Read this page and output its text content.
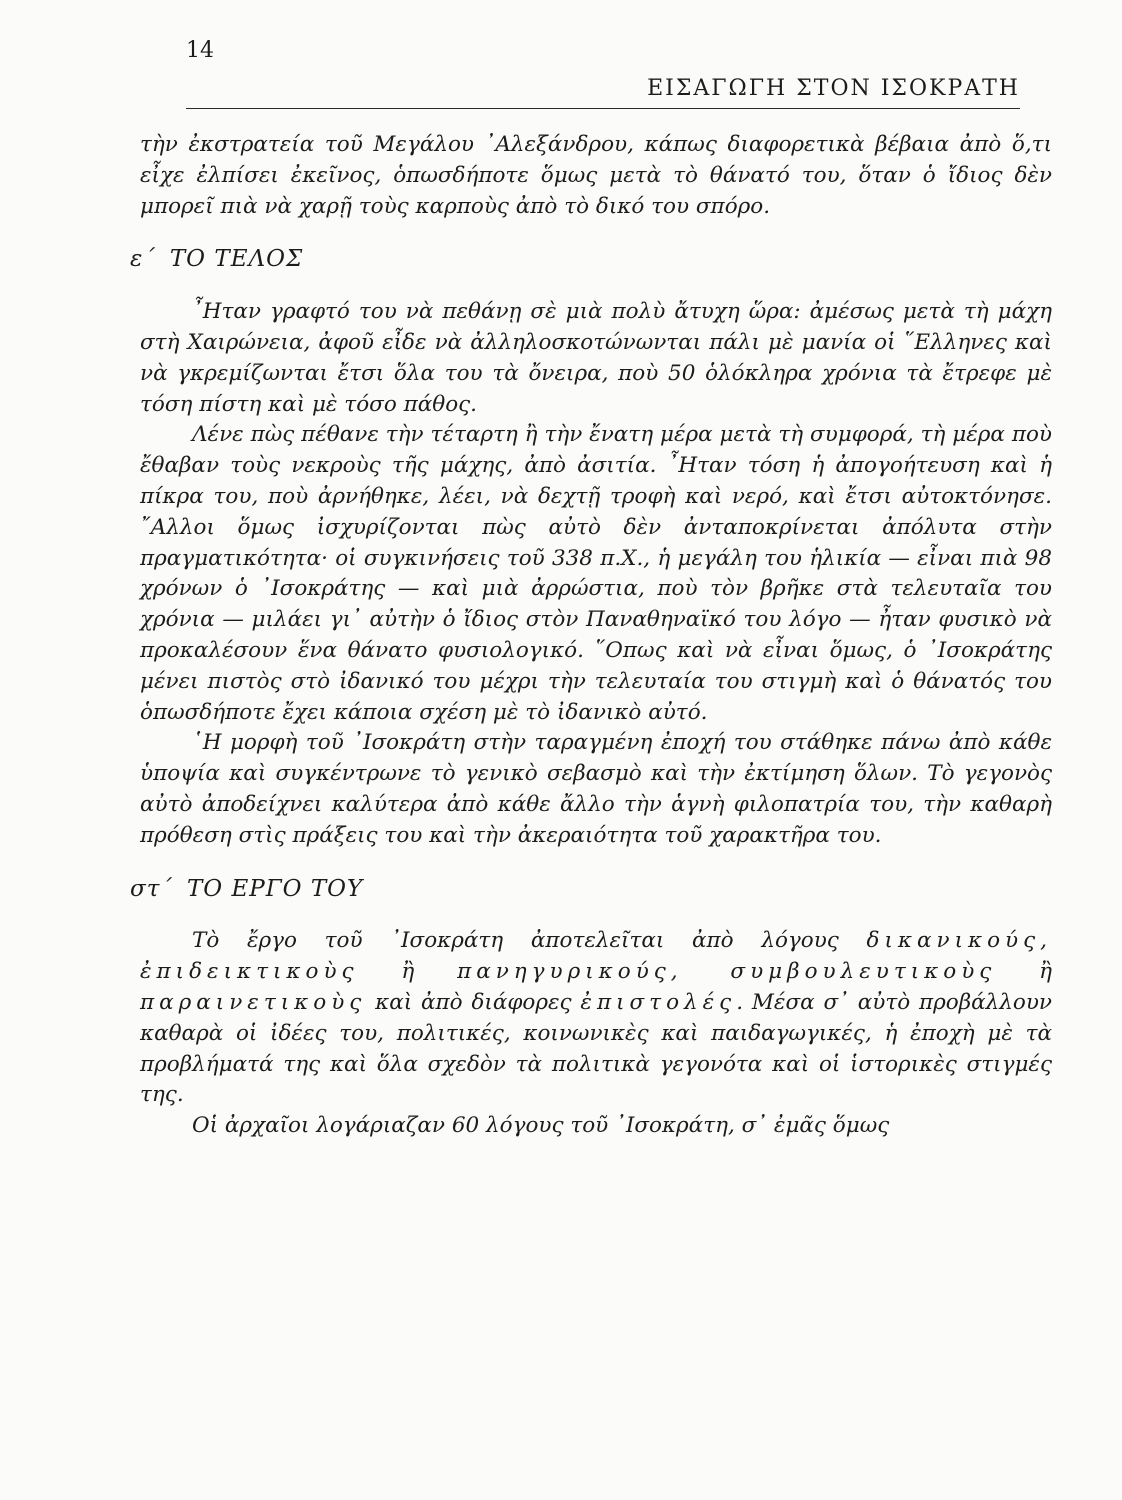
14
ΕΙΣΑΓΩΓΗ ΣΤΟΝ ΙΣΟΚΡΑΤΗ

τὴν ἐκστρατεία τοῦ Μεγάλου ᾿Αλεξάνδρου, κάπως διαφορετικὰ βέβαια ἀπὸ ὅ,τι εἶχε ἐλπίσει ἐκεῖνος, ὁπωσδήποτε ὅμως μετὰ τὸ θάνατό του, ὅταν ὁ ἴδιος δὲν μπορεῖ πιὰ νὰ χαρῇ τοὺς καρποὺς ἀπὸ τὸ δικό του σπόρο.

ε΄ ΤΟ ΤΕΛΟΣ

῏Ηταν γραφτό του νὰ πεθάνῃ σὲ μιὰ πολὺ ἄτυχη ὥρα: ἀμέσως μετὰ τὴ μάχη στὴ Χαιρώνεια, ἀφοῦ εἶδε νὰ ἀλληλοσκοτώνωνται πάλι μὲ μανία οἱ ῞Ελληνες καὶ νὰ γκρεμίζωνται ἔτσι ὅλα του τὰ ὄνειρα, ποὺ 50 ὁλόκληρα χρόνια τὰ ἔτρεφε μὲ τόση πίστη καὶ μὲ τόσο πάθος.

Λένε πὼς πέθανε τὴν τέταρτη ἢ τὴν ἔνατη μέρα μετὰ τὴ συμφορά, τὴ μέρα ποὺ ἔθαβαν τοὺς νεκροὺς τῆς μάχης, ἀπὸ ἀσιτία. ῏Ηταν τόση ἡ ἀπογοήτευση καὶ ἡ πίκρα του, ποὺ ἀρνήθηκε, λέει, νὰ δεχτῇ τροφὴ καὶ νερό, καὶ ἔτσι αὐτοκτόνησε. ῎Αλλοι ὅμως ἰσχυρίζονται πὼς αὐτὸ δὲν ἀνταποκρίνεται ἀπόλυτα στὴν πραγματικότητα· οἱ συγκινήσεις τοῦ 338 π.Χ., ἡ μεγάλη του ἡλικία — εἶναι πιὰ 98 χρόνων ὁ ᾿Ισοκράτης — καὶ μιὰ ἀρρώστια, ποὺ τὸν βρῆκε στὰ τελευταῖα του χρόνια — μιλάει γι᾿ αὐτὴν ὁ ἴδιος στὸν Παναθηναϊκό του λόγο — ἦταν φυσικὸ νὰ προκαλέσουν ἕνα θάνατο φυσιολογικό. ῞Οπως καὶ νὰ εἶναι ὅμως, ὁ ᾿Ισοκράτης μένει πιστὸς στὸ ἰδανικό του μέχρι τὴν τελευταία του στιγμὴ καὶ ὁ θάνατός του ὁπωσδήποτε ἔχει κάποια σχέση μὲ τὸ ἰδανικὸ αὐτό.

῾Η μορφὴ τοῦ ᾿Ισοκράτη στὴν ταραγμένη ἐποχή του στάθηκε πάνω ἀπὸ κάθε ὑποψία καὶ συγκέντρωνε τὸ γενικὸ σεβασμὸ καὶ τὴν ἐκτίμηση ὅλων. Τὸ γεγονὸς αὐτὸ ἀποδείχνει καλύτερα ἀπὸ κάθε ἄλλο τὴν ἁγνὴ φιλοπατρία του, τὴν καθαρὴ πρόθεση στὶς πράξεις του καὶ τὴν ἀκεραιότητα τοῦ χαρακτῆρα του.

στ΄ ΤΟ ΕΡΓΟ ΤΟΥ

Τὸ ἔργο τοῦ ᾿Ισοκράτη ἀποτελεῖται ἀπὸ λόγους δικανικούς, ἐπιδεικτικοὺς ἢ πανηγυρικούς, συμβουλευτικοὺς ἢ παραινετικοὺς καὶ ἀπὸ διάφορες ἐπιστολές. Μέσα σ᾿ αὐτὸ προβάλλουν καθαρὰ οἱ ἰδέες του, πολιτικές, κοινωνικὲς καὶ παιδαγωγικές, ἡ ἐποχὴ μὲ τὰ προβλήματά της καὶ ὅλα σχεδὸν τὰ πολιτικὰ γεγονότα καὶ οἱ ἱστορικὲς στιγμές της.

Οἱ ἀρχαῖοι λογάριαζαν 60 λόγους τοῦ ᾿Ισοκράτη, σ᾿ ἐμᾶς ὅμως
